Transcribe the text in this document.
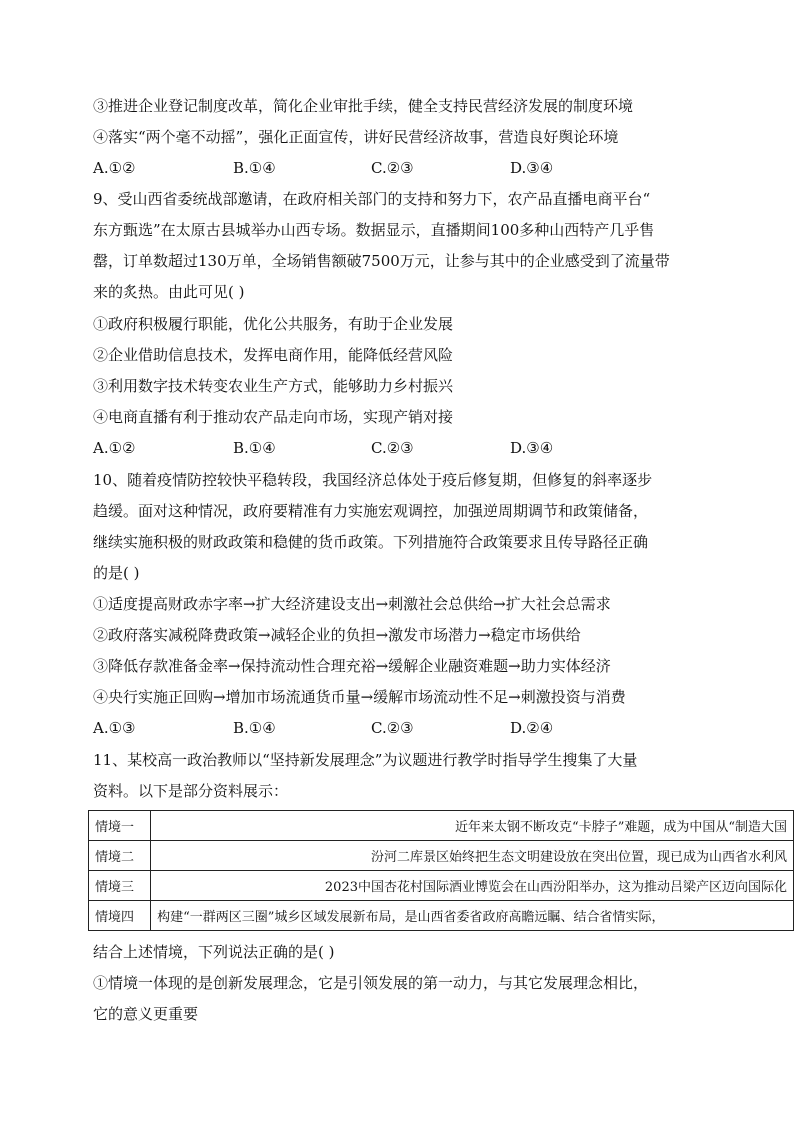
③推进企业登记制度改革，简化企业审批手续，健全支持民营经济发展的制度环境
④落实“两个毫不动摇”，强化正面宣传，讲好民营经济故事，营造良好舆论环境
A.①②	B.①④	C.②③	D.③④
9、受山西省委统战部邀请，在政府相关部门的支持和努力下，农产品直播电商平台“
东方甄选”在太原古县城举办山西专场。数据显示，直播期间100多种山西特产几乎售
罄，订单数超过130万单，全场销售额破7500万元，让参与其中的企业感受到了流量带
来的炙热。由此可见( )
①政府积极履行职能，优化公共服务，有助于企业发展
②企业借助信息技术，发挥电商作用，能降低经营风险
③利用数字技术转变农业生产方式，能够助力乡村振兴
④电商直播有利于推动农产品走向市场，实现产销对接
A.①②	B.①④	C.②③	D.③④
10、随着疫情防控较快平稳转段，我国经济总体处于疫后修复期，但修复的斜率逐步
趋缓。面对这种情况，政府要精准有力实施宏观调控，加强逆周期调节和政策储备，
继续实施积极的财政政策和稳健的货币政策。下列措施符合政策要求且传导路径正确
的是( )
①适度提高财政赤字率→扩大经济建设支出→刺激社会总供给→扩大社会总需求
②政府落实减税降费政策→减轻企业的负担→激发市场潜力→稳定市场供给
③降低存款准备金率→保持流动性合理充裕→缓解企业融资难题→助力实体经济
④央行实施正回购→增加市场流通货币量→缓解市场流动性不足→刺激投资与消费
A.①③	B.①④	C.②③	D.②④
11、某校高一政治教师以“坚持新发展理念”为议题进行教学时指导学生搜集了大量
资料。以下是部分资料展示：
情境一	近年来太钢不断攻克“卡脖子”难题，成为中国从“制造大国
情境二	汾河二库景区始终把生态文明建设放在突出位置，现已成为山西省水利风
情境三	2023中国杏花村国际酒业博览会在山西汾阳举办，这为推动吕梁产区迈向国际化
情境四	构建“一群两区三圈”城乡区域发展新布局，是山西省委省政府高瞻远瞩、结合省情实际，
结合上述情境，下列说法正确的是( )
①情境一体现的是创新发展理念，它是引领发展的第一动力，与其它发展理念相比，
它的意义更重要
